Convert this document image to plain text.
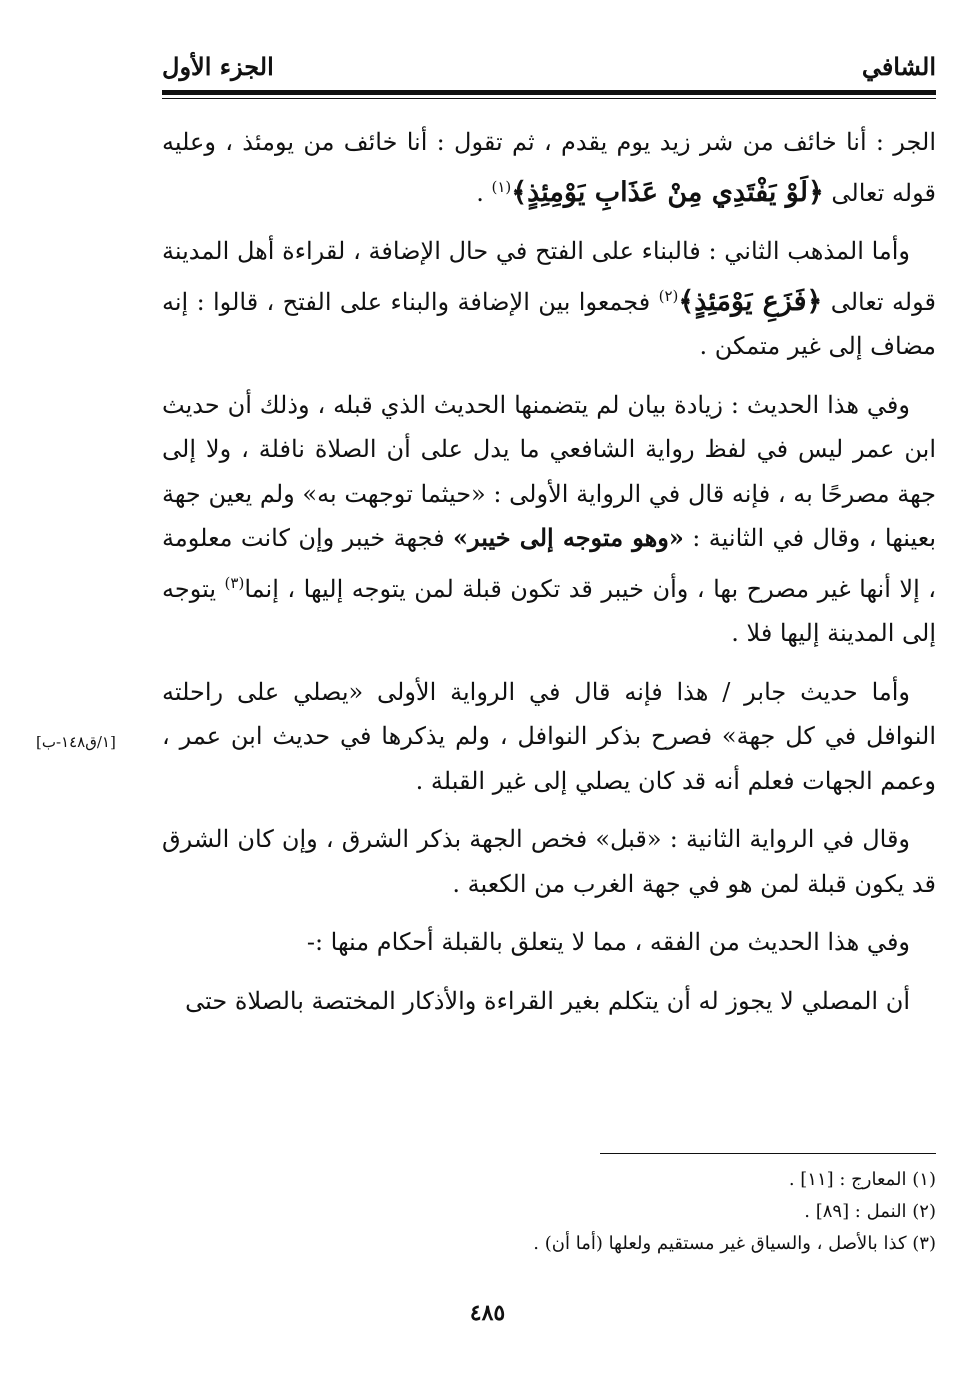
الشافي
الجزء الأول

الجر : أنا خائف من شر زيد يوم يقدم ، ثم تقول : أنا خائف من يومئذ ، وعليه قوله تعالى ﴿لَوْ يَفْتَدِي مِنْ عَذَابِ يَوْمِئِذٍ﴾$^{(١)}$ .

وأما المذهب الثاني : فالبناء على الفتح في حال الإضافة ، لقراءة أهل المدينة قوله تعالى ﴿فَزَعِ يَوْمَئِذٍ﴾$^{(٢)}$ فجمعوا بين الإضافة والبناء على الفتح ، قالوا : إنه مضاف إلى غير متمكن .

وفي هذا الحديث : زيادة بيان لم يتضمنها الحديث الذي قبله ، وذلك أن حديث ابن عمر ليس في لفظ رواية الشافعي ما يدل على أن الصلاة نافلة ، ولا إلى جهة مصرحًا به ، فإنه قال في الرواية الأولى : «حيثما توجهت به» ولم يعين جهة بعينها ، وقال في الثانية : «وهو متوجه إلى خيبر» فجهة خيبر وإن كانت معلومة ، إلا أنها غير مصرح بها ، وأن خيبر قد تكون قبلة لمن يتوجه إليها ، إنما$^{(٣)}$ يتوجه إلى المدينة إليها فلا .

وأما حديث جابر / هذا فإنه قال في الرواية الأولى «يصلي على راحلته النوافل في كل جهة» فصرح بذكر النوافل ، ولم يذكرها في حديث ابن عمر ، وعمم الجهات فعلم أنه قد كان يصلي إلى غير القبلة .

وقال في الرواية الثانية : «قبل» فخص الجهة بذكر الشرق ، وإن كان الشرق قد يكون قبلة لمن هو في جهة الغرب من الكعبة .

وفي هذا الحديث من الفقه ، مما لا يتعلق بالقبلة أحكام منها :-

أن المصلي لا يجوز له أن يتكلم بغير القراءة والأذكار المختصة بالصلاة حتى

[١/ق١٤٨-ب]
(١) المعارج : [١١] .
(٢) النمل : [٨٩] .
(٣) كذا بالأصل ، والسياق غير مستقيم ولعلها (أما أن) .
٤٨٥
